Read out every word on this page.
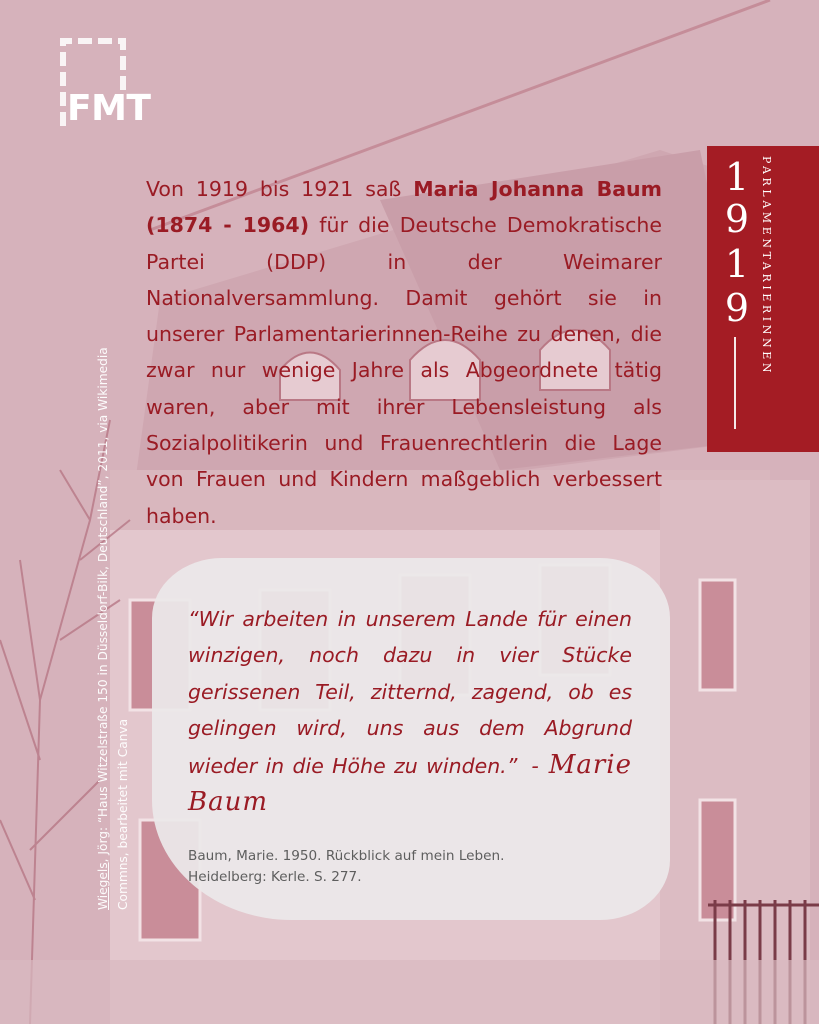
FMT
Von 1919 bis 1921 saß Maria Johanna Baum (1874 - 1964) für die Deutsche Demokratische Partei (DDP) in der Weimarer Nationalversammlung. Damit gehört sie in unserer Parlamentarierinnen-Reihe zu denen, die zwar nur wenige Jahre als Abgeordnete tätig waren, aber mit ihrer Lebensleistung als Sozialpolitikerin und Frauenrechtlerin die Lage von Frauen und Kindern maßgeblich verbessert haben.
Wiegels, Jörg: “Haus Witzelstraße 150 in Düsseldorf-Bilk, Deutschland”, 2011, via Wikimedia Commns, bearbeitet mit Canva
1
9
1
9 PARLAMENTARIERINNEN
“Wir arbeiten in unserem Lande für einen winzigen, noch dazu in vier Stücke gerissenen Teil, zitternd, zagend, ob es gelingen wird, uns aus dem Abgrund wieder in die Höhe zu winden.” - Marie Baum
Baum, Marie. 1950. Rückblick auf mein Leben.
Heidelberg: Kerle. S. 277.
